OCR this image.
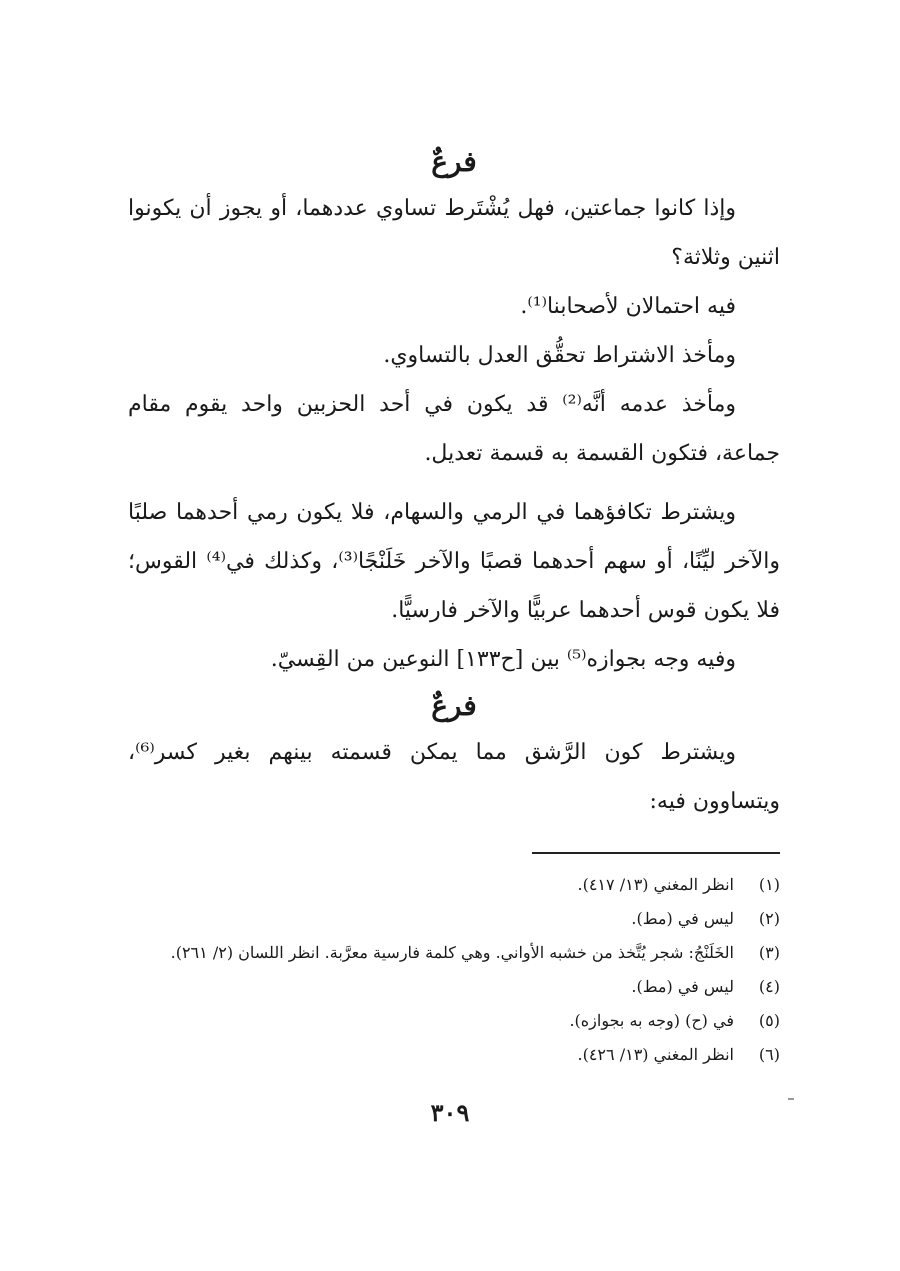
فرعٌ

وإذا كانوا جماعتين، فهل يُشْتَرط تساوي عددهما، أو يجوز أن يكونوا اثنين وثلاثة؟

فيه احتمالان لأصحابنا⁽¹⁾.

ومأخذ الاشتراط تحقُّق العدل بالتساوي.

ومأخذ عدمه أنَّه⁽²⁾ قد يكون في أحد الحزبين واحد يقوم مقام جماعة، فتكون القسمة به قسمة تعديل.

ويشترط تكافؤهما في الرمي والسهام، فلا يكون رمي أحدهما صلبًا والآخر ليِّنًا، أو سهم أحدهما قصبًا والآخر خَلَنْجًا⁽³⁾، وكذلك في⁽⁴⁾ القوس؛ فلا يكون قوس أحدهما عربيًّا والآخر فارسيًّا.

وفيه وجه بجوازه⁽⁵⁾ بين [ح١٣٣] النوعين من القِسيّ.

فرعٌ

ويشترط كون الرَّشق مما يمكن قسمته بينهم بغير كسر⁽⁶⁾، ويتساوون فيه:

(١)
انظر المغني (١٣/ ٤١٧).
(٢)
ليس في (مط).
(٣)
الخَلَنْجُ: شجر يُتَّخذ من خشبه الأواني. وهي كلمة فارسية معرَّبة. انظر اللسان (٢/ ٢٦١).
(٤)
ليس في (مط).
(٥)
في (ح) (وجه به بجوازه).
(٦)
انظر المغني (١٣/ ٤٢٦).
٣٠٩
